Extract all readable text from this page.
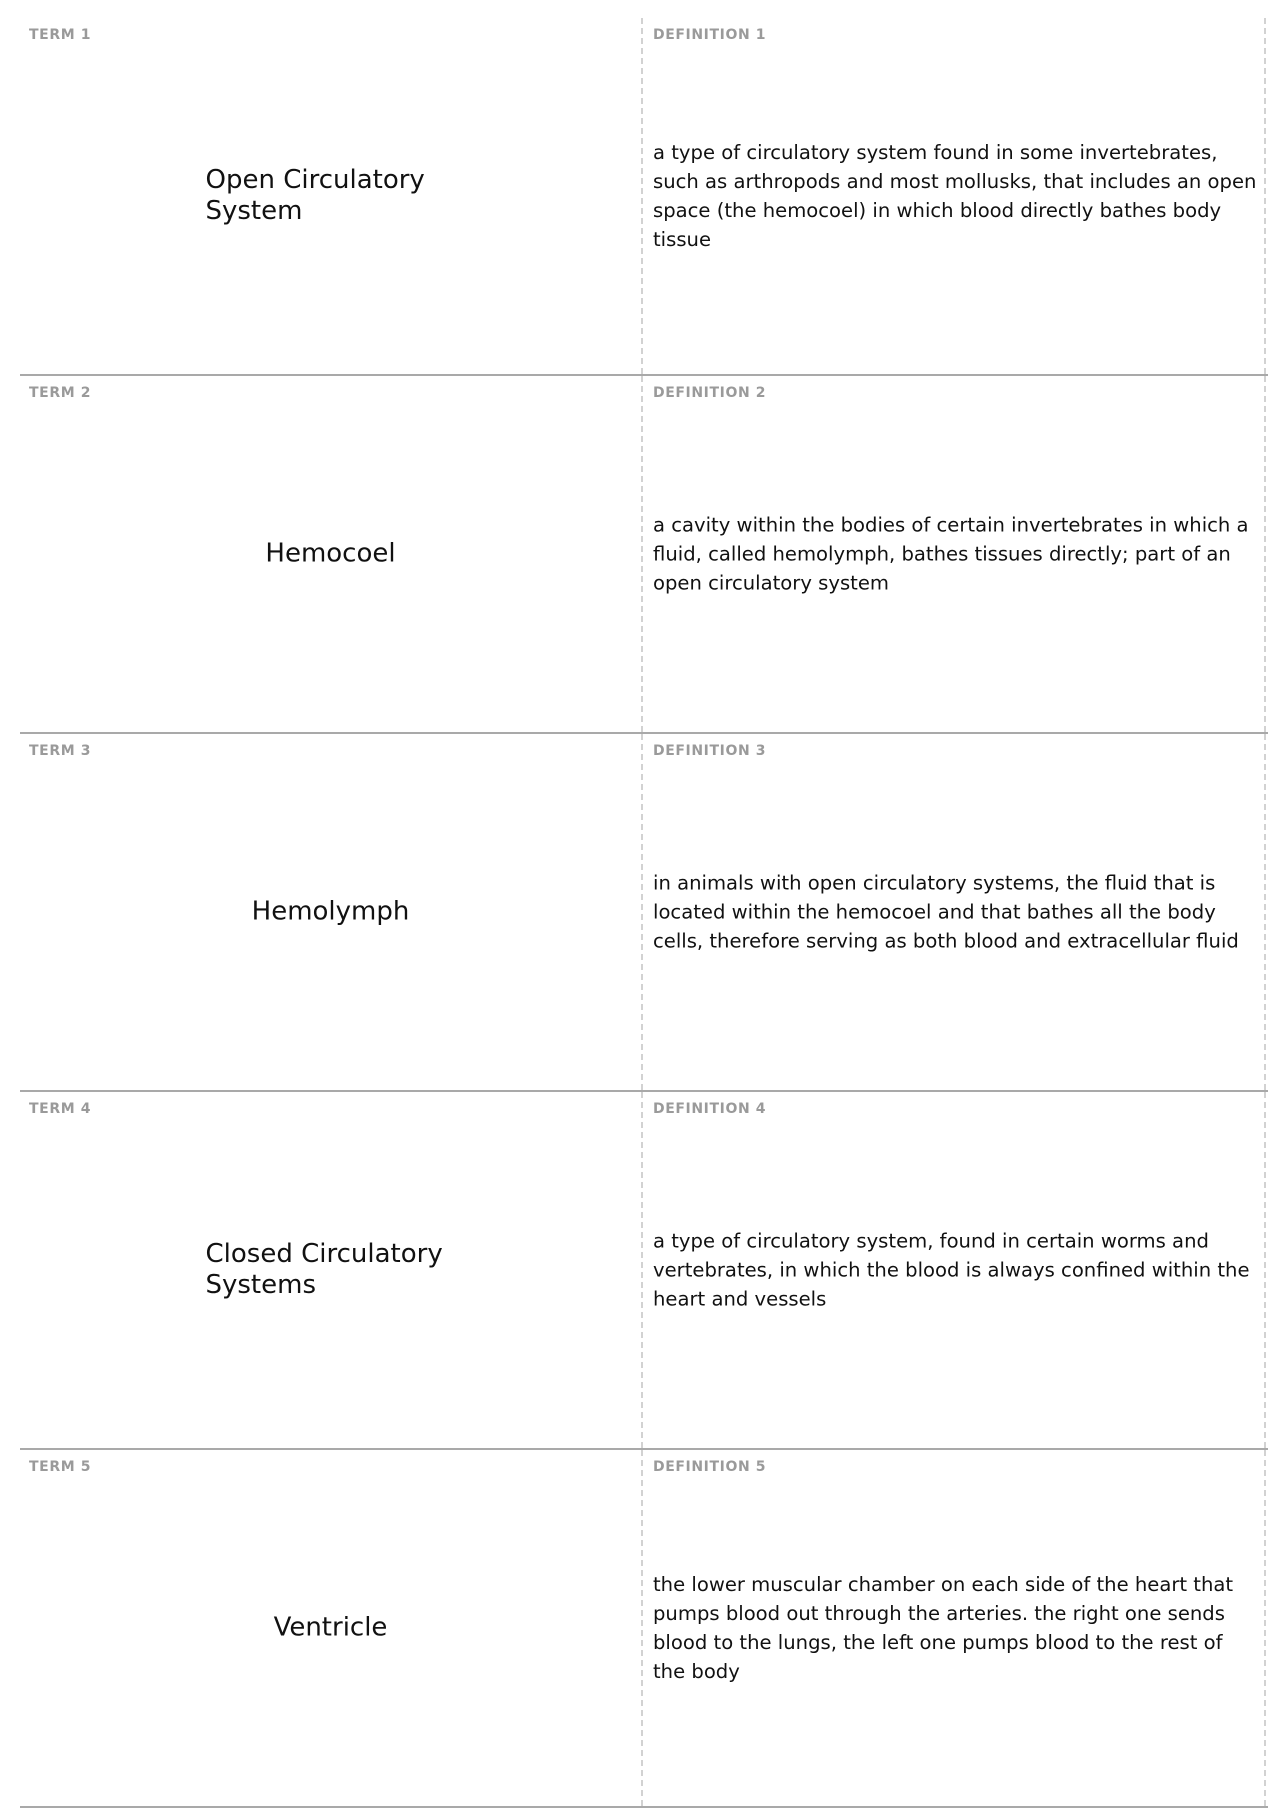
TERM 1
Open Circulatory System
DEFINITION 1
a type of circulatory system found in some invertebrates, such as arthropods and most mollusks, that includes an open space (the hemocoel) in which blood directly bathes body tissue
TERM 2
Hemocoel
DEFINITION 2
a cavity within the bodies of certain invertebrates in which a fluid, called hemolymph, bathes tissues directly; part of an open circulatory system
TERM 3
Hemolymph
DEFINITION 3
in animals with open circulatory systems, the fluid that is located within the hemocoel and that bathes all the body cells, therefore serving as both blood and extracellular fluid
TERM 4
Closed Circulatory Systems
DEFINITION 4
a type of circulatory system, found in certain worms and vertebrates, in which the blood is always confined within the heart and vessels
TERM 5
Ventricle
DEFINITION 5
the lower muscular chamber on each side of the heart that pumps blood out through the arteries. the right one sends blood to the lungs, the left one pumps blood to the rest of the body
